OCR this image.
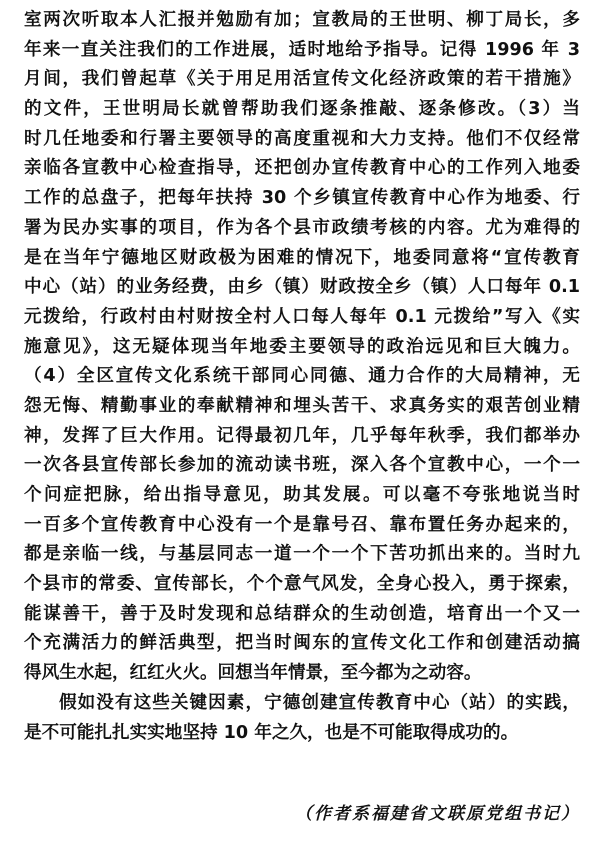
室两次听取本人汇报并勉励有加；宣教局的王世明、柳丁局长，多
年来一直关注我们的工作进展，适时地给予指导。记得 1996 年 3
月间，我们曾起草《关于用足用活宣传文化经济政策的若干措施》
的文件，王世明局长就曾帮助我们逐条推敲、逐条修改。（3）当
时几任地委和行署主要领导的高度重视和大力支持。他们不仅经常
亲临各宣教中心检查指导，还把创办宣传教育中心的工作列入地委
工作的总盘子，把每年扶持 30 个乡镇宣传教育中心作为地委、行
署为民办实事的项目，作为各个县市政绩考核的内容。尤为难得的
是在当年宁德地区财政极为困难的情况下，地委同意将“宣传教育
中心（站）的业务经费，由乡（镇）财政按全乡（镇）人口每年 0.1
元拨给，行政村由村财按全村人口每人每年 0.1 元拨给”写入《实
施意见》，这无疑体现当年地委主要领导的政治远见和巨大魄力。
（4）全区宣传文化系统干部同心同德、通力合作的大局精神，无
怨无悔、精勤事业的奉献精神和埋头苦干、求真务实的艰苦创业精
神，发挥了巨大作用。记得最初几年，几乎每年秋季，我们都举办
一次各县宣传部长参加的流动读书班，深入各个宣教中心，一个一
个问症把脉，给出指导意见，助其发展。可以毫不夸张地说当时
一百多个宣传教育中心没有一个是靠号召、靠布置任务办起来的，
都是亲临一线，与基层同志一道一个一个下苦功抓出来的。当时九
个县市的常委、宣传部长，个个意气风发，全身心投入，勇于探索，
能谋善干，善于及时发现和总结群众的生动创造，培育出一个又一
个充满活力的鲜活典型，把当时闽东的宣传文化工作和创建活动搞
得风生水起，红红火火。回想当年情景，至今都为之动容。
假如没有这些关键因素，宁德创建宣传教育中心（站）的实践，
是不可能扎扎实实地坚持 10 年之久，也是不可能取得成功的。
（作者系福建省文联原党组书记）
